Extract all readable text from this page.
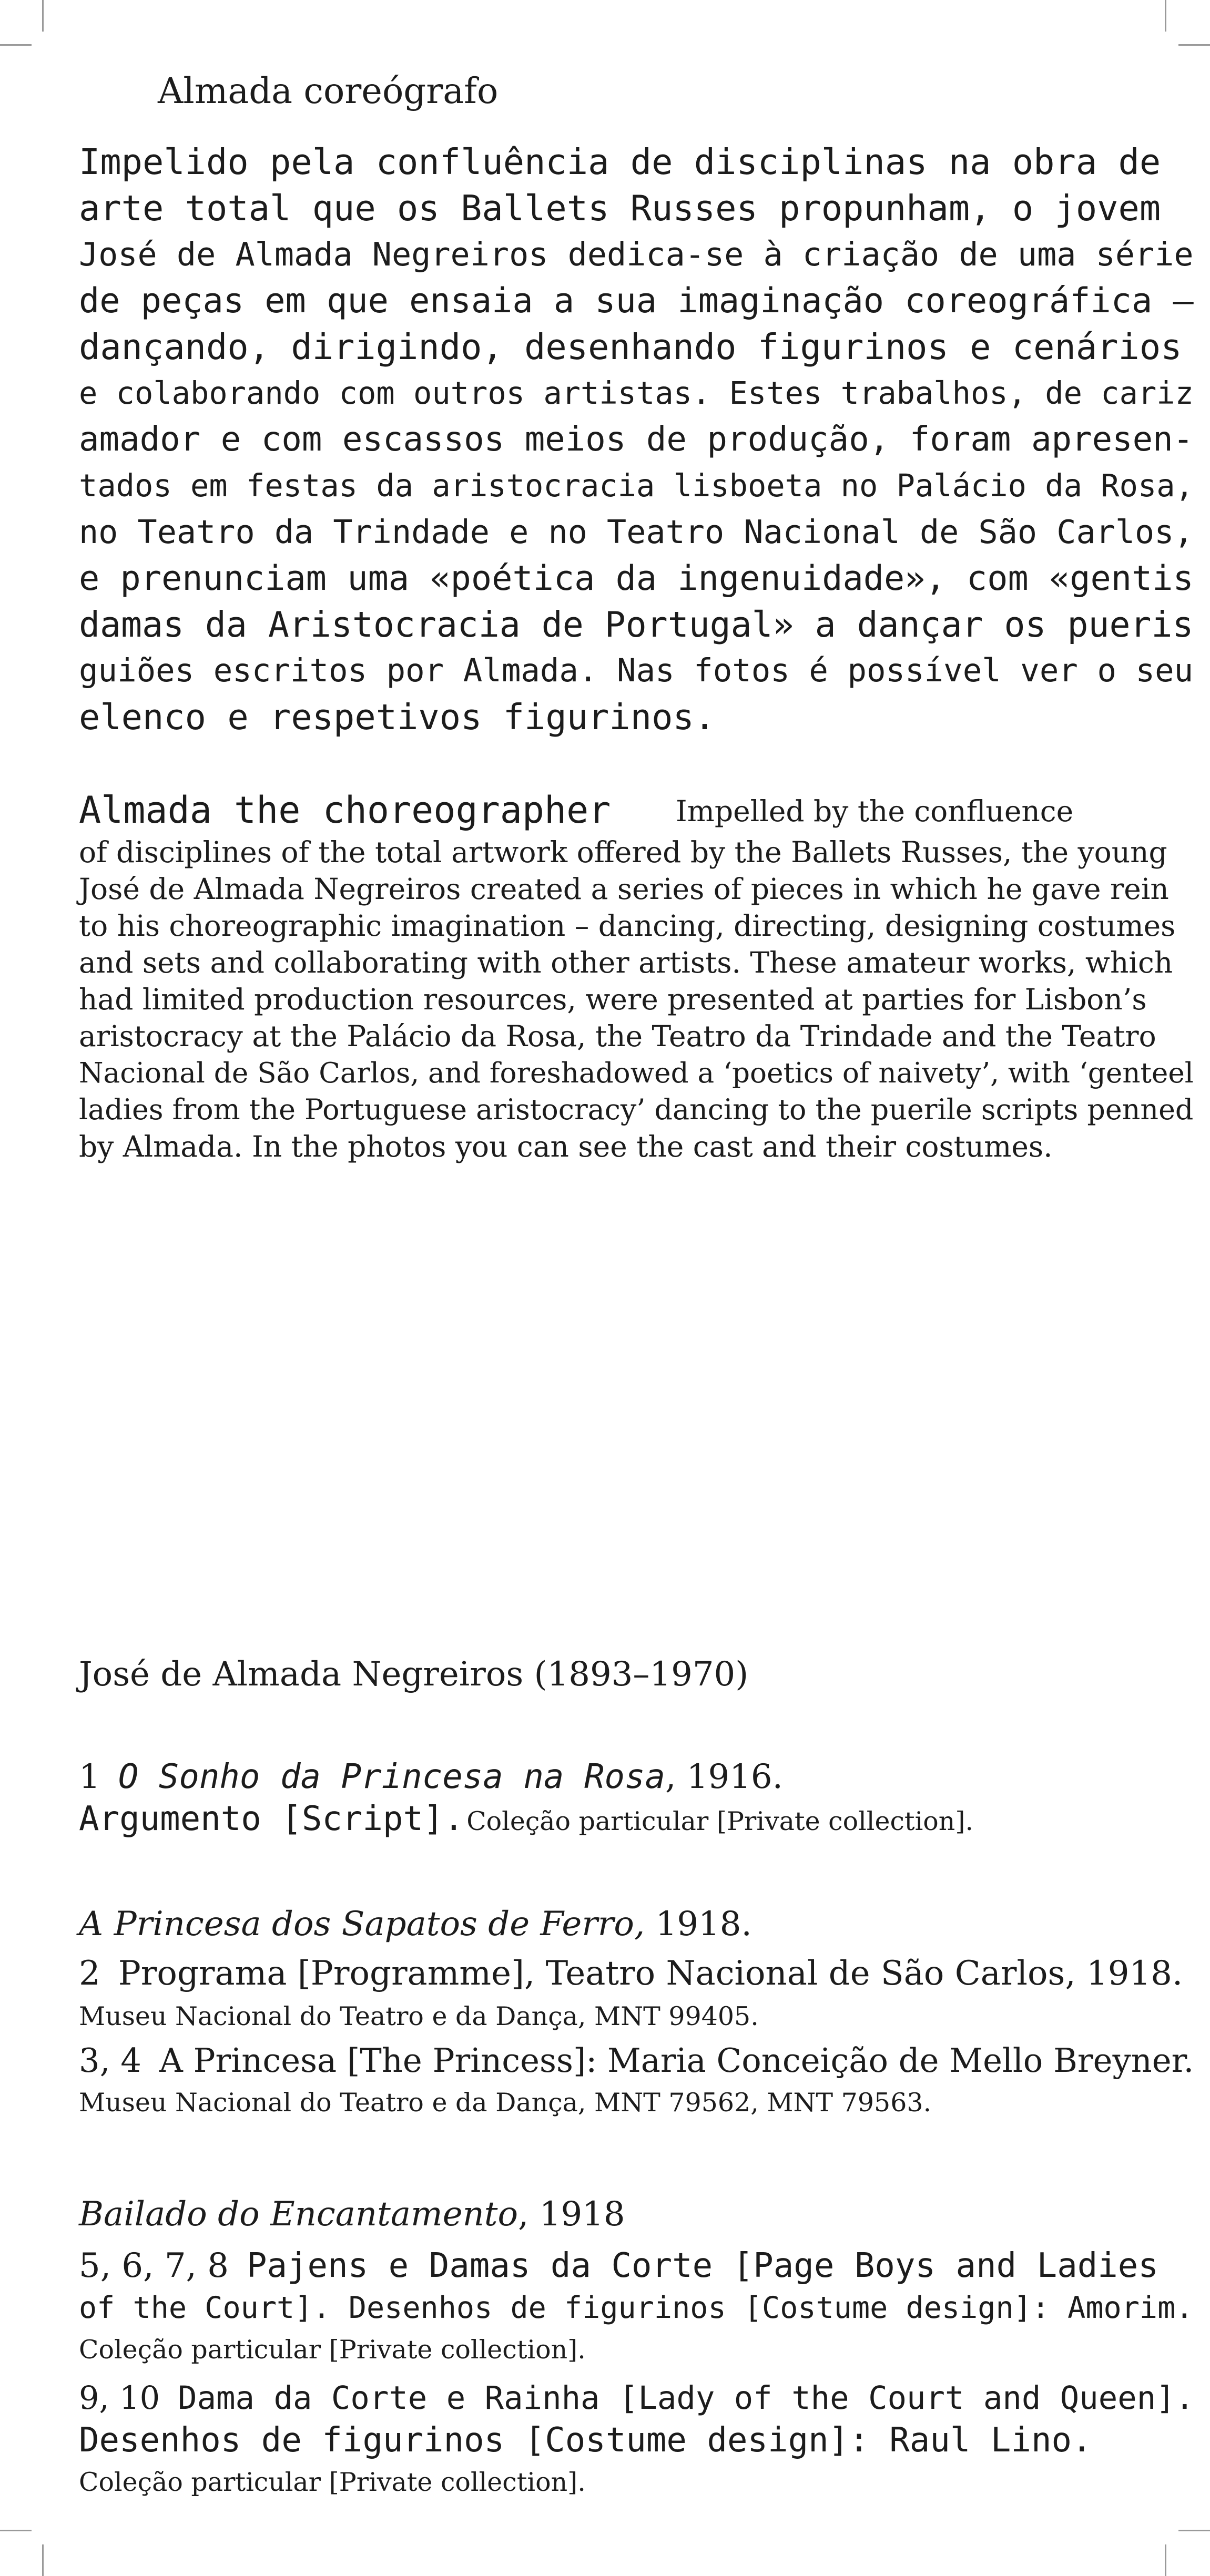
Almada coreógrafo
Impelido pela confluência de disciplinas na obra de
arte total que os Ballets Russes propunham, o jovem
José de Almada Negreiros dedica-se à criação de uma série
de peças em que ensaia a sua imaginação coreográfica –
dançando, dirigindo, desenhando figurinos e cenários
e colaborando com outros artistas. Estes trabalhos, de cariz
amador e com escassos meios de produção, foram apresen-
tados em festas da aristocracia lisboeta no Palácio da Rosa,
no Teatro da Trindade e no Teatro Nacional de São Carlos,
e prenunciam uma «poética da ingenuidade», com «gentis
damas da Aristocracia de Portugal» a dançar os pueris
guiões escritos por Almada. Nas fotos é possível ver o seu
elenco e respetivos figurinos.
Almada the choreographer Impelled by the confluence
of disciplines of the total artwork offered by the Ballets Russes, the young
José de Almada Negreiros created a series of pieces in which he gave rein
to his choreographic imagination – dancing, directing, designing costumes
and sets and collaborating with other artists. These amateur works, which
had limited production resources, were presented at parties for Lisbon’s
aristocracy at the Palácio da Rosa, the Teatro da Trindade and the Teatro
Nacional de São Carlos, and foreshadowed a ‘poetics of naivety’, with ‘genteel
ladies from the Portuguese aristocracy’ dancing to the puerile scripts penned
by Almada. In the photos you can see the cast and their costumes.
José de Almada Negreiros (1893–1970)
1 O Sonho da Princesa na Rosa, 1916.
Argumento [Script]. Coleção particular [Private collection].
A Princesa dos Sapatos de Ferro, 1918.
2 Programa [Programme], Teatro Nacional de São Carlos, 1918.
Museu Nacional do Teatro e da Dança, MNT 99405.
3, 4 A Princesa [The Princess]: Maria Conceição de Mello Breyner.
Museu Nacional do Teatro e da Dança, MNT 79562, MNT 79563.
Bailado do Encantamento, 1918
5, 6, 7, 8 Pajens e Damas da Corte [Page Boys and Ladies
of the Court]. Desenhos de figurinos [Costume design]: Amorim.
Coleção particular [Private collection].
9, 10 Dama da Corte e Rainha [Lady of the Court and Queen].
Desenhos de figurinos [Costume design]: Raul Lino.
Coleção particular [Private collection].
